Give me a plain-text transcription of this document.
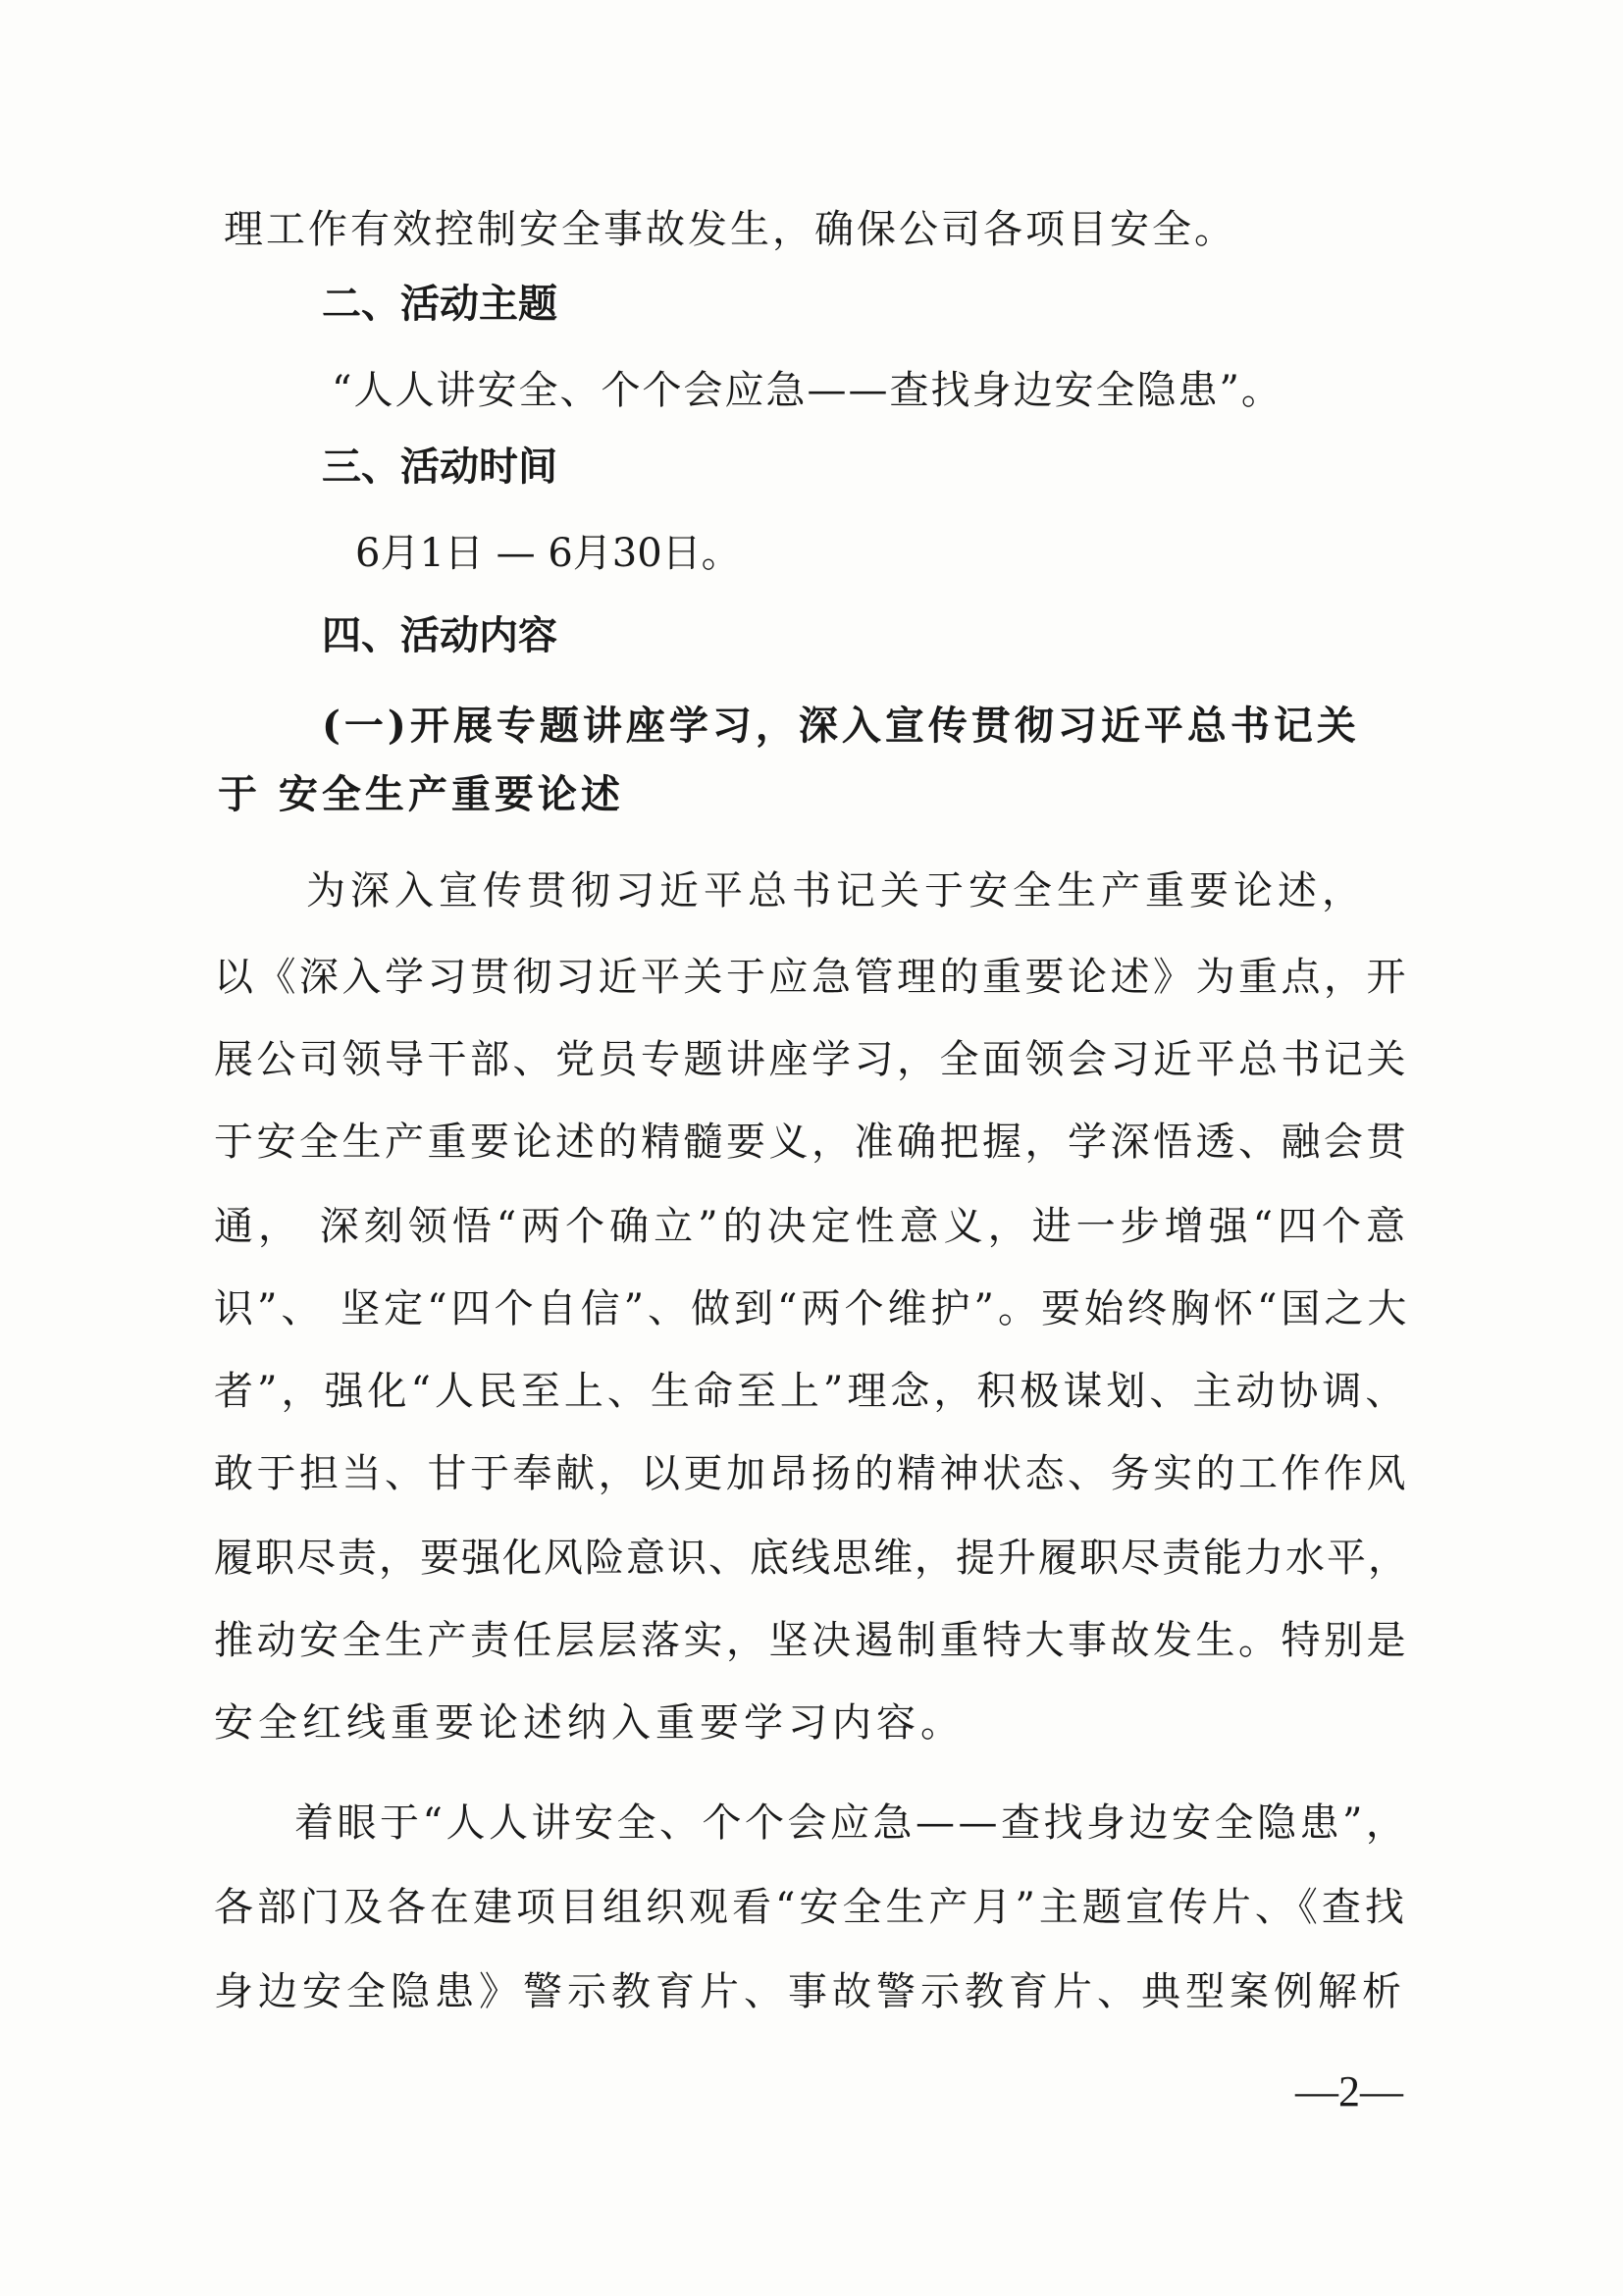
理工作有效控制安全事故发生，确保公司各项目安全。
二、活动主题
“人人讲安全、个个会应急——查找身边安全隐患”。
三、活动时间
6月1日 — 6月30日。
四、活动内容
(一)开展专题讲座学习，深入宣传贯彻习近平总书记关
于 安全生产重要论述
为深入宣传贯彻习近平总书记关于安全生产重要论述，
以《深入学习贯彻习近平关于应急管理的重要论述》为重点，开
展公司领导干部、党员专题讲座学习，全面领会习近平总书记关
于安全生产重要论述的精髓要义，准确把握，学深悟透、融会贯
通， 深刻领悟“两个确立”的决定性意义，进一步增强“四个意
识”、 坚定“四个自信”、做到“两个维护”。要始终胸怀“国之大
者”，强化“人民至上、生命至上”理念，积极谋划、主动协调、
敢于担当、甘于奉献，以更加昂扬的精神状态、务实的工作作风
履职尽责，要强化风险意识、底线思维，提升履职尽责能力水平，
推动安全生产责任层层落实，坚决遏制重特大事故发生。特别是
安全红线重要论述纳入重要学习内容。
着眼于“人人讲安全、个个会应急——查找身边安全隐患”，
各部门及各在建项目组织观看“安全生产月”主题宣传片、《查找
身边安全隐患》警示教育片、事故警示教育片、典型案例解析
—2—
